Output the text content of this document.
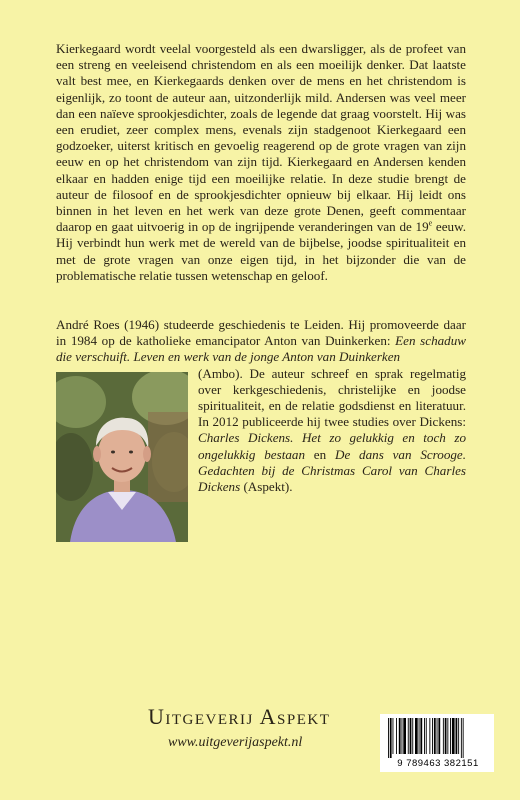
Kierkegaard wordt veelal voorgesteld als een dwarsligger, als de profeet van een streng en veeleisend christendom en als een moeilijk denker. Dat laatste valt best mee, en Kierkegaards denken over de mens en het christendom is eigenlijk, zo toont de auteur aan, uitzonderlijk mild. Andersen was veel meer dan een naïeve sprookjesdichter, zoals de legende dat graag voorstelt. Hij was een erudiet, zeer complex mens, evenals zijn stadgenoot Kierkegaard een godzoeker, uiterst kritisch en gevoelig reagerend op de grote vragen van zijn eeuw en op het christendom van zijn tijd. Kierkegaard en Andersen kenden elkaar en hadden enige tijd een moeilijke relatie. In deze studie brengt de auteur de filosoof en de sprookjesdichter opnieuw bij elkaar. Hij leidt ons binnen in het leven en het werk van deze grote Denen, geeft commentaar daarop en gaat uitvoerig in op de ingrijpende veranderingen van de 19e eeuw. Hij verbindt hun werk met de wereld van de bijbelse, joodse spiritualiteit en met de grote vragen van onze eigen tijd, in het bijzonder die van de problematische relatie tussen wetenschap en geloof.

André Roes (1946) studeerde geschiedenis te Leiden. Hij promoveerde daar in 1984 op de katholieke emancipator Anton van Duinkerken: Een schaduw die verschuift. Leven en werk van de jonge Anton van Duinkerken

(Ambo). De auteur schreef en sprak regelmatig over kerkgeschiedenis, christelijke en joodse spiritualiteit, en de relatie godsdienst en literatuur. In 2012 publiceerde hij twee studies over Dickens: Charles Dickens. Het zo gelukkig en toch zo ongelukkig bestaan en De dans van Scrooge. Gedachten bij de Christmas Carol van Charles Dickens (Aspekt).

Uitgeverij Aspekt
www.uitgeverijaspekt.nl
9 789463 382151
